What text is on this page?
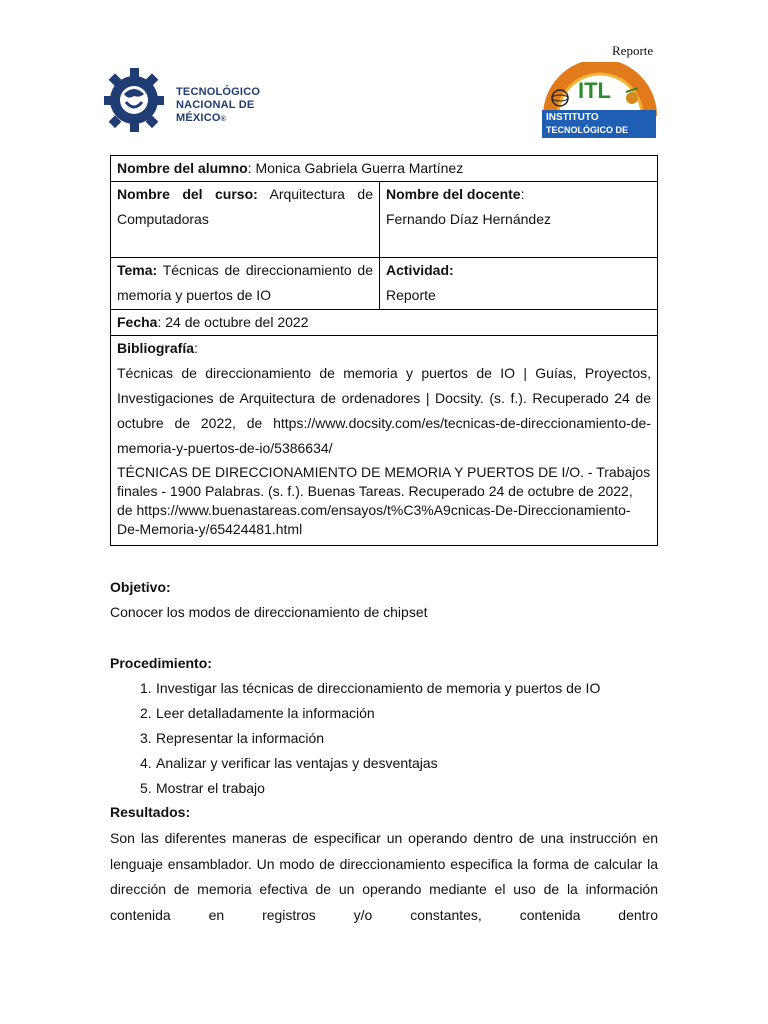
Reporte
TECNOLÓGICO
NACIONAL DE MÉXICO®
ITL
INSTITUTO
TECNOLÓGICO DE LINARES
Nombre del alumno: Monica Gabriela Guerra Martínez	
Nombre del curso: Arquitectura de Computadoras	Nombre del docente:
Fernando Díaz Hernández
Tema: Técnicas de direccionamiento de memoria y puertos de IO	Actividad:
Reporte
Fecha: 24 de octubre del 2022	

Bibliografía:
Técnicas de direccionamiento de memoria y puertos de IO | Guías, Proyectos, Investigaciones de Arquitectura de ordenadores | Docsity. (s. f.). Recuperado 24 de octubre de 2022, de https://www.docsity.com/es/tecnicas-de-direccionamiento-de-memoria-y-puertos-de-io/5386634/
TÉCNICAS DE DIRECCIONAMIENTO DE MEMORIA Y PUERTOS DE I/O. - Trabajos finales - 1900 Palabras. (s. f.). Buenas Tareas. Recuperado 24 de octubre de 2022, de https://www.buenastareas.com/ensayos/t%C3%A9cnicas-De-Direccionamiento-De-Memoria-y/65424481.html	
Objetivo:
Conocer los modos de direccionamiento de chipset
Procedimiento:
1. Investigar las técnicas de direccionamiento de memoria y puertos de IO
2. Leer detalladamente la información
3. Representar la información
4. Analizar y verificar las ventajas y desventajas
5. Mostrar el trabajo
Resultados:
Son las diferentes maneras de especificar un operando dentro de una instrucción en lenguaje ensamblador. Un modo de direccionamiento especifica la forma de calcular la dirección de memoria efectiva de un operando mediante el uso de la información contenida en registros y/o constantes, contenida dentro
